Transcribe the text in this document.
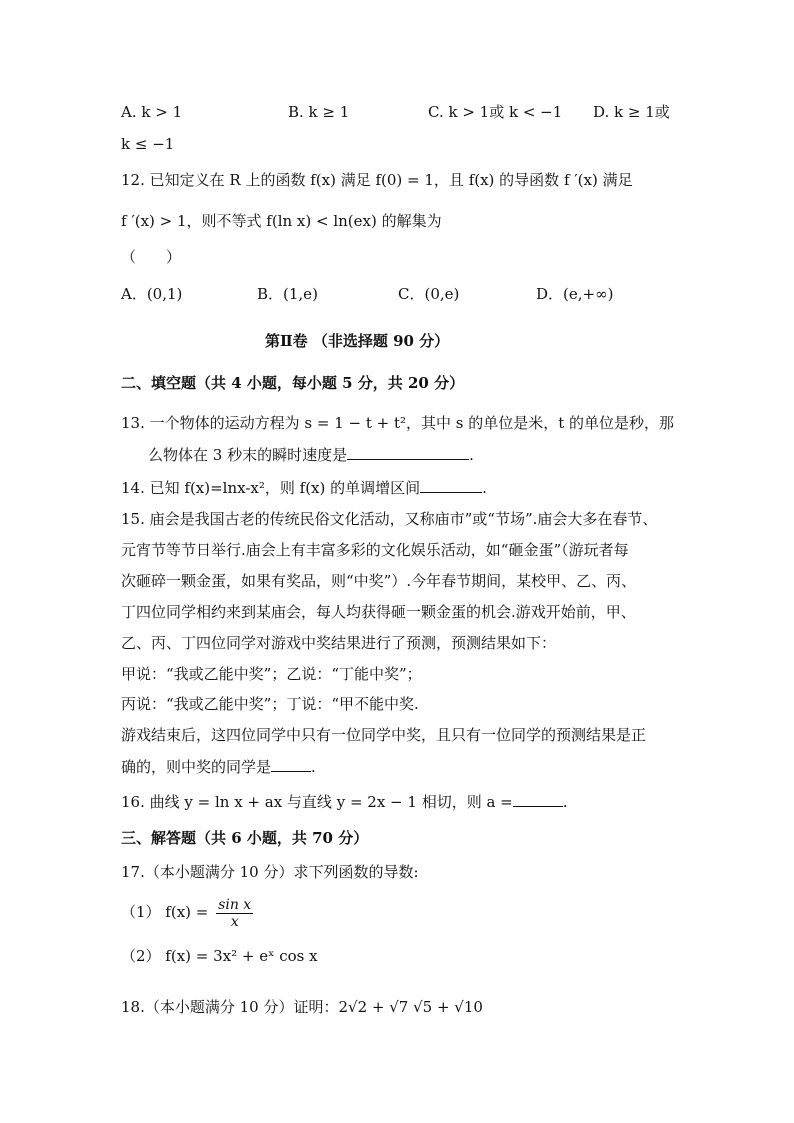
A. k > 1	B. k ≥ 1	C. k > 1或 k < −1 D. k ≥ 1或
k ≤ −1
12. 已知定义在 R 上的函数 f(x) 满足 f(0) = 1，且 f(x) 的导函数 f ′(x) 满足
f ′(x) > 1，则不等式 f(ln x) < ln(ex) 的解集为
（　　）
A．(0,1)	B．(1,e)	C．(0,e)	D．(e,+∞)
第Ⅱ卷 （非选择题 90 分）
二、填空题（共 4 小题，每小题 5 分，共 20 分）
13. 一个物体的运动方程为 s = 1 − t + t²，其中 s 的单位是米，t 的单位是秒，那
么物体在 3 秒末的瞬时速度是	.
14. 已知 f(x)=lnx-x²，则 f(x) 的单调增区间	.
15. 庙会是我国古老的传统民俗文化活动，又称庙市”或“节场”.庙会大多在春节、
元宵节等节日举行.庙会上有丰富多彩的文化娱乐活动，如“砸金蛋”（游玩者每
次砸碎一颗金蛋，如果有奖品，则“中奖”）.今年春节期间，某校甲、乙、丙、
丁四位同学相约来到某庙会，每人均获得砸一颗金蛋的机会.游戏开始前，甲、
乙、丙、丁四位同学对游戏中奖结果进行了预测，预测结果如下：
甲说：“我或乙能中奖”；乙说：“丁能中奖”；
丙说：“我或乙能中奖”；丁说：“甲不能中奖.
游戏结束后，这四位同学中只有一位同学中奖，且只有一位同学的预测结果是正
确的，则中奖的同学是	.
16. 曲线 y = ln x + ax 与直线 y = 2x − 1 相切，则 a =	.
三、解答题（共 6 小题，共 70 分）
17.（本小题满分 10 分）求下列函数的导数:
（1） $f(x) = \frac{\text{sin x}}{x}$
（2） f(x) = 3x² + eˣ cos x
18.（本小题满分 10 分）证明：2√2 + √7 √5 + √10
